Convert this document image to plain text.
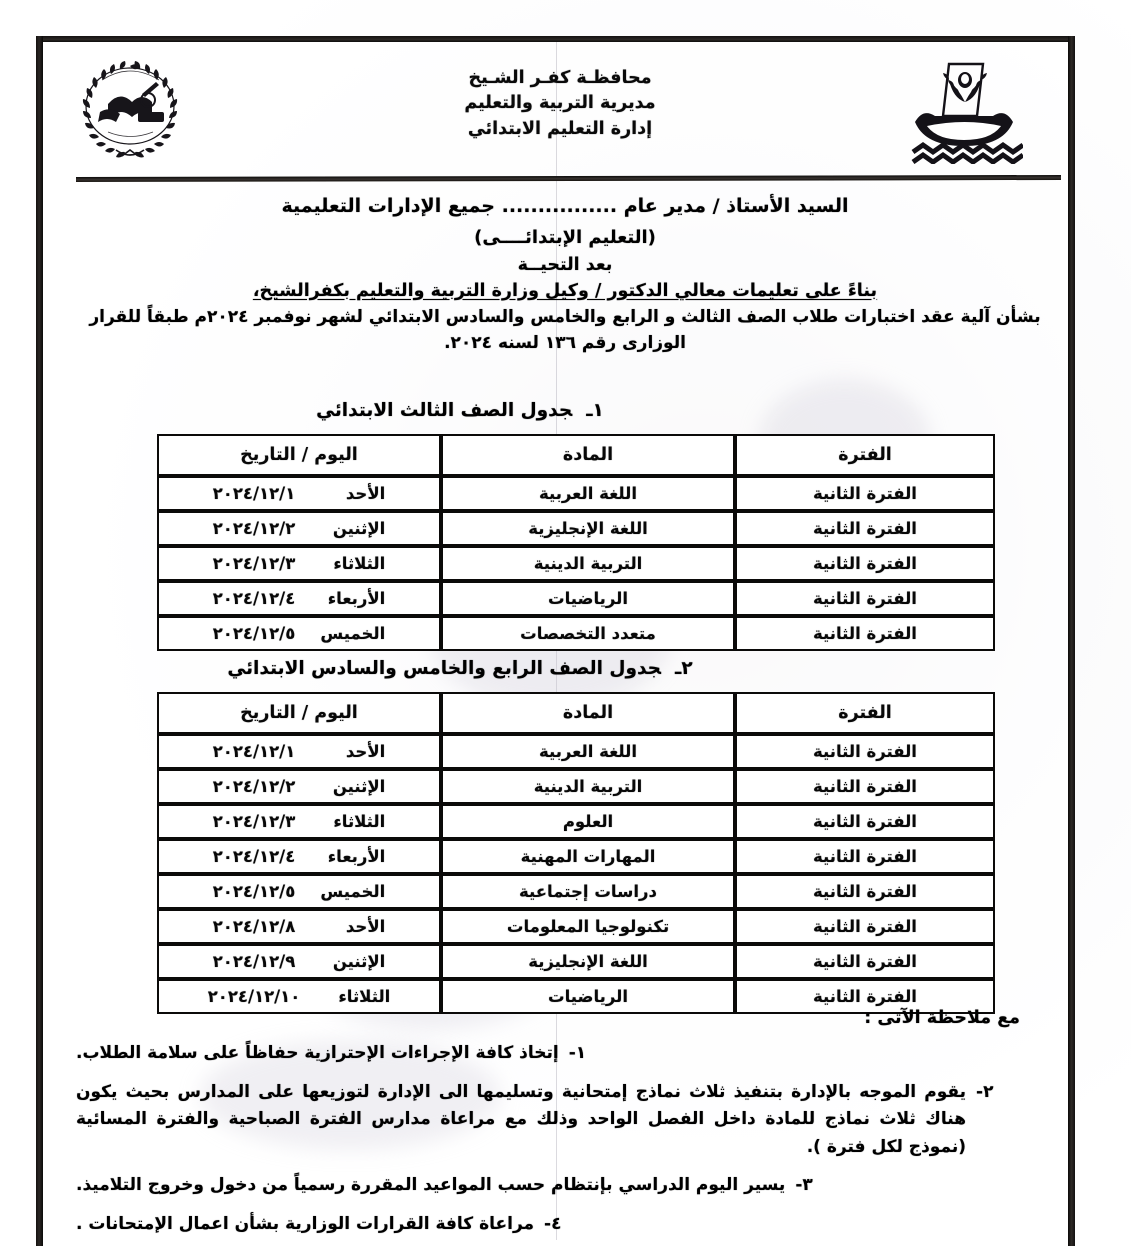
محافظـة كفـر الشـيخ
مديرية التربية والتعليم
إدارة التعليم الابتدائي
السيد الأستاذ / مدير عام ................ جميع الإدارات التعليمية
(التعليم الإبتدائــــى)
بعد التحيــة
بناءً على تعليمات معالي الدكتور / وكيل وزارة التربية والتعليم بكفرالشيخ،
بشأن آلية عقد اختبارات طلاب الصف الثالث و الرابع والخامس والسادس الابتدائي لشهر نوفمبر ٢٠٢٤م طبقاً للقرار الوزارى رقم ١٣٦ لسنه ٢٠٢٤.
١ـجدول الصف الثالث الابتدائي
الفترة	المادة	اليوم / التاريخ
الفترة الثانية	اللغة العربية	الأحد٢٠٢٤/١٢/١
الفترة الثانية	اللغة الإنجليزية	الإثنين٢٠٢٤/١٢/٢
الفترة الثانية	التربية الدينية	الثلاثاء٢٠٢٤/١٢/٣
الفترة الثانية	الرياضيات	الأربعاء٢٠٢٤/١٢/٤
الفترة الثانية	متعدد التخصصات	الخميس٢٠٢٤/١٢/٥
٢ـجدول الصف الرابع والخامس والسادس الابتدائي
الفترة	المادة	اليوم / التاريخ
الفترة الثانية	اللغة العربية	الأحد٢٠٢٤/١٢/١
الفترة الثانية	التربية الدينية	الإثنين٢٠٢٤/١٢/٢
الفترة الثانية	العلوم	الثلاثاء٢٠٢٤/١٢/٣
الفترة الثانية	المهارات المهنية	الأربعاء٢٠٢٤/١٢/٤
الفترة الثانية	دراسات إجتماعية	الخميس٢٠٢٤/١٢/٥
الفترة الثانية	تكنولوجيا المعلومات	الأحد٢٠٢٤/١٢/٨
الفترة الثانية	اللغة الإنجليزية	الإثنين٢٠٢٤/١٢/٩
الفترة الثانية	الرياضيات	الثلاثاء٢٠٢٤/١٢/١٠
مع ملاحظة الآتى :
١-
إتخاذ كافة الإجراءات الإحترازية حفاظاً على سلامة الطلاب.
٢-
يقوم الموجه بالإدارة بتنفيذ ثلاث نماذج إمتحانية وتسليمها الى الإدارة لتوزيعها على المدارس بحيث يكون هناك ثلاث نماذج للمادة داخل الفصل الواحد وذلك مع مراعاة مدارس الفترة الصباحية والفترة المسائية (نموذج لكل فترة ).
٣-
يسير اليوم الدراسي بإنتظام حسب المواعيد المقررة رسمياً من دخول وخروج التلاميذ.
٤-
مراعاة كافة القرارات الوزارية بشأن اعمال الإمتحانات .
